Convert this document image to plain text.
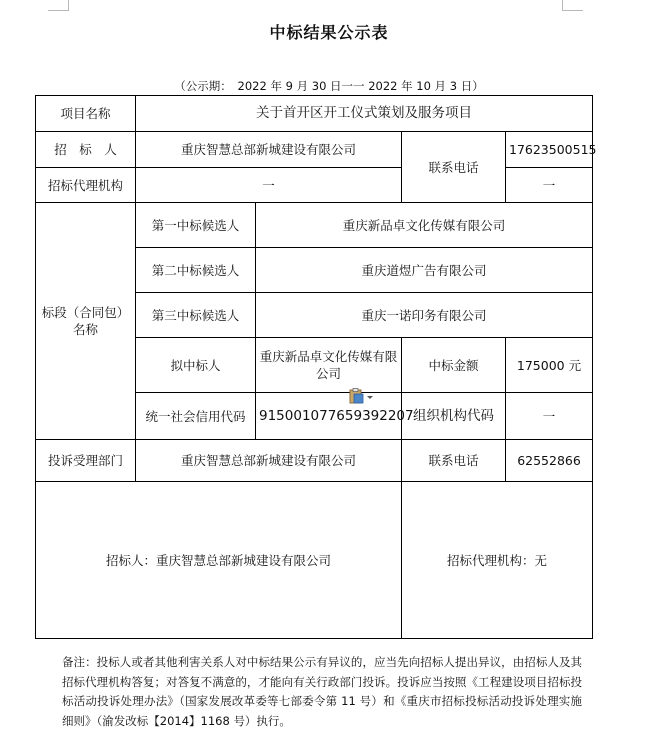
中标结果公示表
（公示期：　2022 年 9 月 30 日一一 2022 年 10 月 3 日）
项目名称	关于首开区开工仪式策划及服务项目			
招　标　人	重庆智慧总部新城建设有限公司		联系电话	17623500515
招标代理机构	一			一
标段（合同包）名称	第一中标候选人	重庆新品卓文化传媒有限公司		
	第二中标候选人	重庆道煜广告有限公司		
	第三中标候选人	重庆一诺印务有限公司		
	拟中标人	重庆新品卓文化传媒有限公司	中标金额	175000 元
	统一社会信用代码	915001077659392207	组织机构代码	一
投诉受理部门	重庆智慧总部新城建设有限公司		联系电话	62552866
招标人：重庆智慧总部新城建设有限公司			招标代理机构：无	
备注：投标人或者其他利害关系人对中标结果公示有异议的，应当先向招标人提出异议，由招标人及其招标代理机构答复；对答复不满意的，才能向有关行政部门投诉。投诉应当按照《工程建设项目招标投标活动投诉处理办法》（国家发展改革委等七部委令第 11 号）和《重庆市招标投标活动投诉处理实施细则》（渝发改标【2014】1168 号）执行。
